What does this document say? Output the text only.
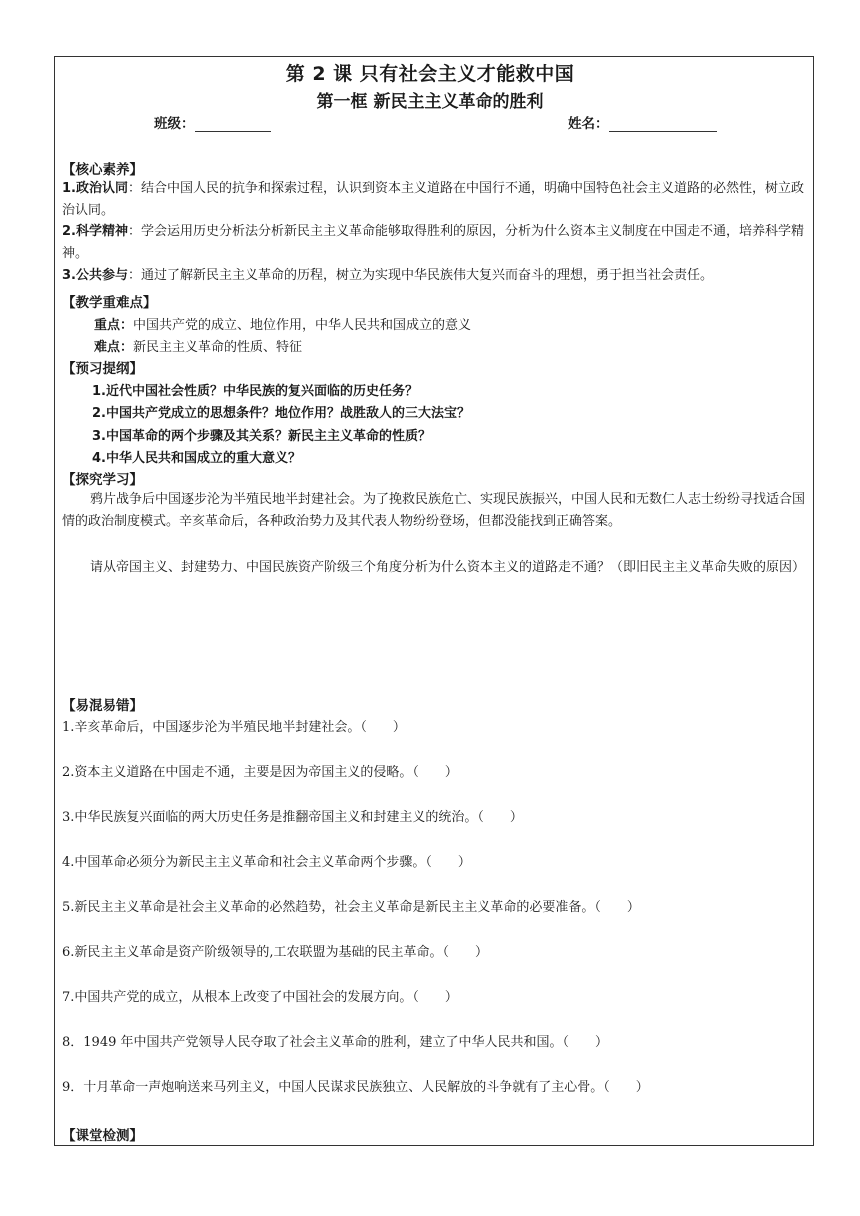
第 2 课 只有社会主义才能救中国
第一框 新民主主义革命的胜利
班级：	姓名：
【核心素养】

1.政治认同：结合中国人民的抗争和探索过程，认识到资本主义道路在中国行不通，明确中国特色社会主义道路的必然性，树立政治认同。

2.科学精神：学会运用历史分析法分析新民主主义革命能够取得胜利的原因，分析为什么资本主义制度在中国走不通，培养科学精神。

3.公共参与：通过了解新民主主义革命的历程，树立为实现中华民族伟大复兴而奋斗的理想，勇于担当社会责任。

【教学重难点】
重点：中国共产党的成立、地位作用，中华人民共和国成立的意义
难点：新民主主义革命的性质、特征
【预习提纲】
1.近代中国社会性质？中华民族的复兴面临的历史任务？
2.中国共产党成立的思想条件？地位作用？战胜敌人的三大法宝？
3.中国革命的两个步骤及其关系？新民主主义革命的性质？
4.中华人民共和国成立的重大意义？
【探究学习】

鸦片战争后中国逐步沦为半殖民地半封建社会。为了挽救民族危亡、实现民族振兴，中国人民和无数仁人志士纷纷寻找适合国情的政治制度模式。辛亥革命后，各种政治势力及其代表人物纷纷登场，但都没能找到正确答案。

请从帝国主义、封建势力、中国民族资产阶级三个角度分析为什么资本主义的道路走不通？（即旧民主主义革命失败的原因）

【易混易错】
1.辛亥革命后，中国逐步沦为半殖民地半封建社会。（　　）
2.资本主义道路在中国走不通，主要是因为帝国主义的侵略。（　　）
3.中华民族复兴面临的两大历史任务是推翻帝国主义和封建主义的统治。（　　）
4.中国革命必须分为新民主主义革命和社会主义革命两个步骤。（　　）
5.新民主主义革命是社会主义革命的必然趋势，社会主义革命是新民主主义革命的必要准备。（　　）
6.新民主主义革命是资产阶级领导的,工农联盟为基础的民主革命。（　　）
7.中国共产党的成立，从根本上改变了中国社会的发展方向。（　　）
8．1949 年中国共产党领导人民夺取了社会主义革命的胜利，建立了中华人民共和国。（　　）
9．十月革命一声炮响送来马列主义，中国人民谋求民族独立、人民解放的斗争就有了主心骨。（　　）
【课堂检测】
